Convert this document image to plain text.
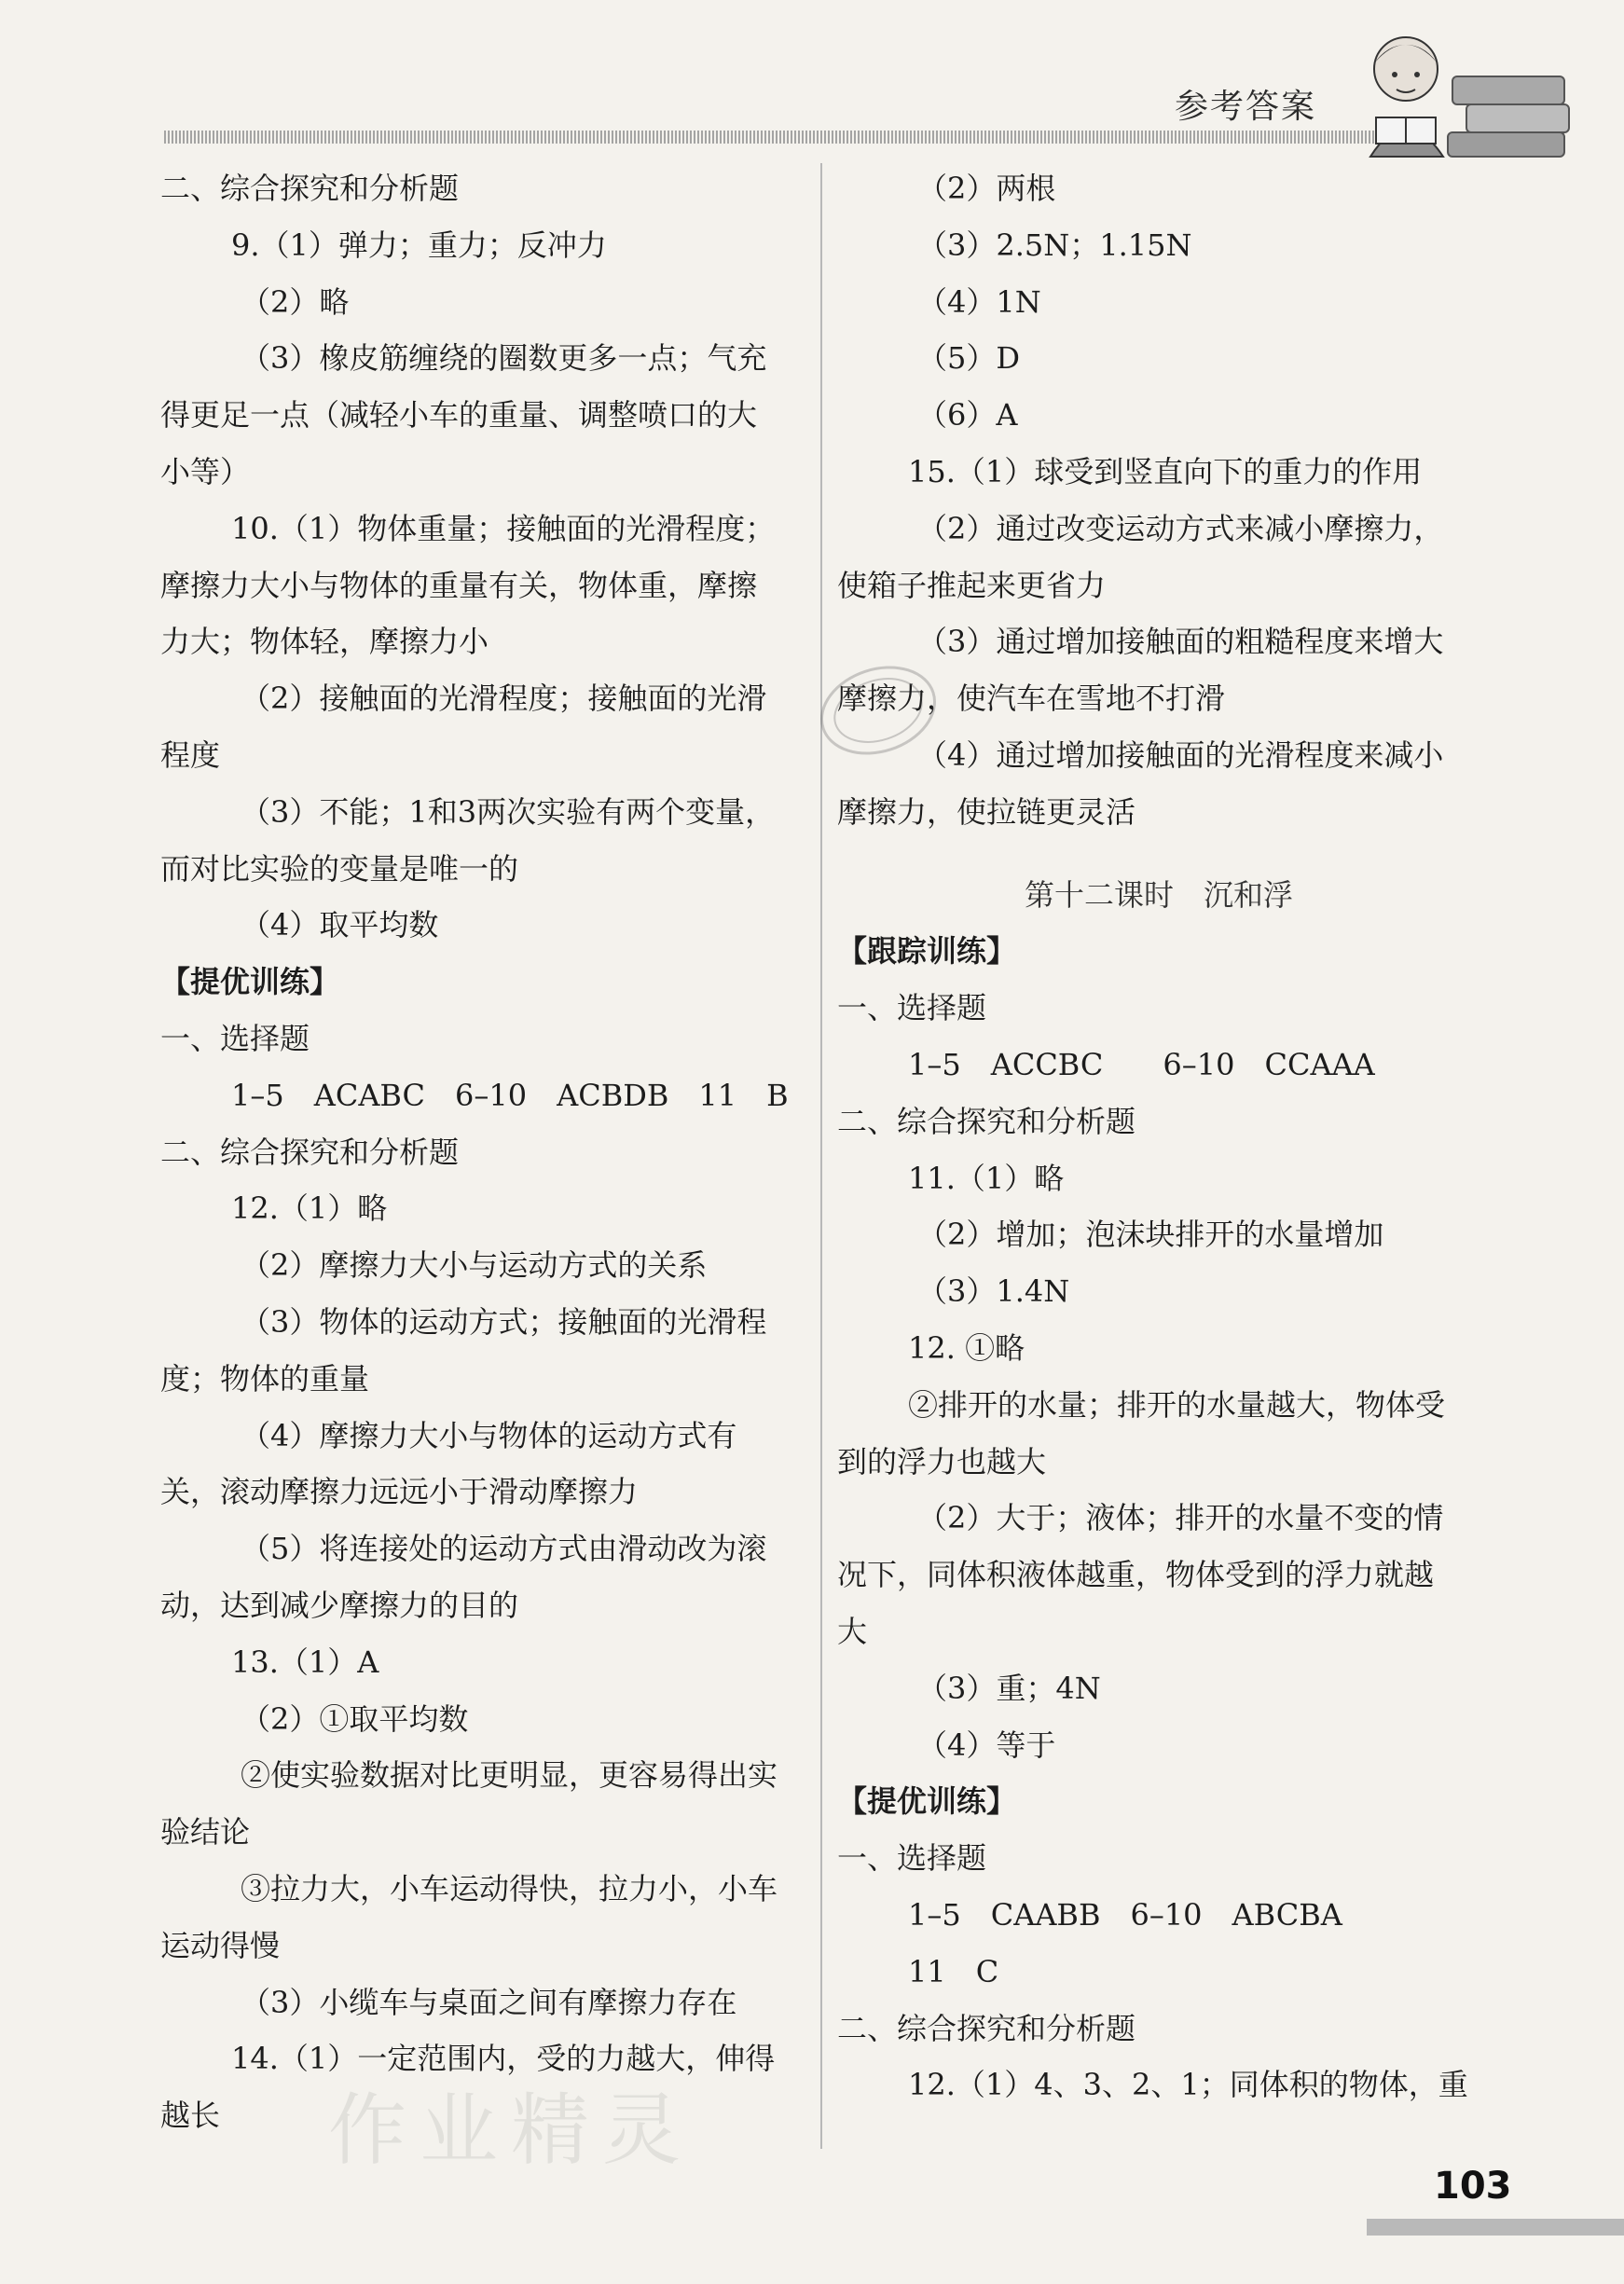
参考答案
二、综合探究和分析题
9.（1）弹力；重力；反冲力
（2）略
（3）橡皮筋缠绕的圈数更多一点；气充
得更足一点（减轻小车的重量、调整喷口的大
小等）
10.（1）物体重量；接触面的光滑程度；
摩擦力大小与物体的重量有关，物体重，摩擦
力大；物体轻，摩擦力小
（2）接触面的光滑程度；接触面的光滑
程度
（3）不能；1和3两次实验有两个变量，
而对比实验的变量是唯一的
（4）取平均数
【提优训练】
一、选择题
1–5　ACABC　6–10　ACBDB　11　B
二、综合探究和分析题
12.（1）略
（2）摩擦力大小与运动方式的关系
（3）物体的运动方式；接触面的光滑程
度；物体的重量
（4）摩擦力大小与物体的运动方式有
关，滚动摩擦力远远小于滑动摩擦力
（5）将连接处的运动方式由滑动改为滚
动，达到减少摩擦力的目的
13.（1）A
（2）①取平均数
②使实验数据对比更明显，更容易得出实
验结论
③拉力大，小车运动得快，拉力小，小车
运动得慢
（3）小缆车与桌面之间有摩擦力存在
14.（1）一定范围内，受的力越大，伸得
越长
（2）两根
（3）2.5N；1.15N
（4）1N
（5）D
（6）A
15.（1）球受到竖直向下的重力的作用
（2）通过改变运动方式来减小摩擦力，
使箱子推起来更省力
（3）通过增加接触面的粗糙程度来增大
摩擦力，使汽车在雪地不打滑
（4）通过增加接触面的光滑程度来减小
摩擦力，使拉链更灵活
第十二课时　沉和浮
【跟踪训练】
一、选择题
1–5　ACCBC　　6–10　CCAAA
二、综合探究和分析题
11.（1）略
（2）增加；泡沫块排开的水量增加
（3）1.4N
12. ①略
②排开的水量；排开的水量越大，物体受
到的浮力也越大
（2）大于；液体；排开的水量不变的情
况下，同体积液体越重，物体受到的浮力就越
大
（3）重；4N
（4）等于
【提优训练】
一、选择题
1–5　CAABB　6–10　ABCBA
11　C
二、综合探究和分析题
12.（1）4、3、2、1；同体积的物体，重
作业精灵
103
